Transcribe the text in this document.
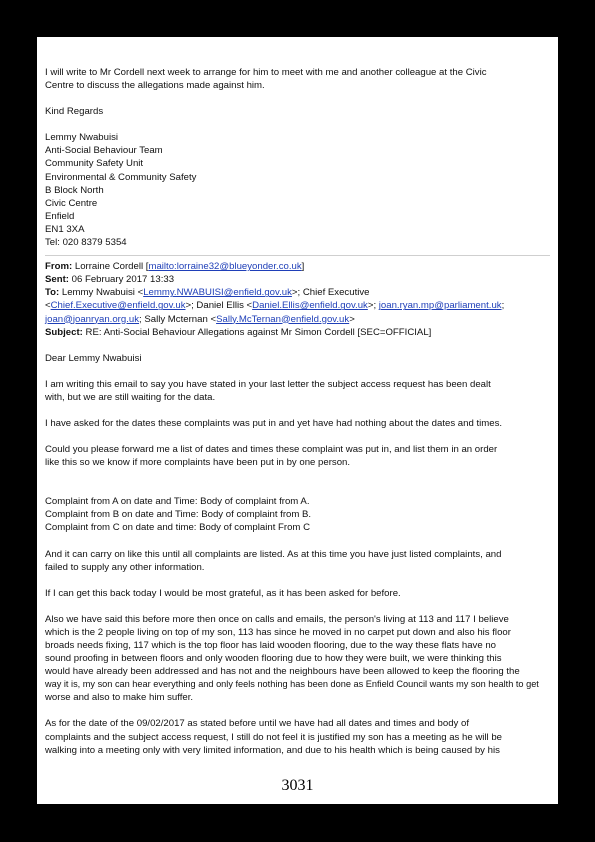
I will write to Mr Cordell next week to arrange for him to meet with me and another colleague at the Civic
Centre to discuss the allegations made against him.
Kind Regards
Lemmy Nwabuisi
Anti-Social Behaviour Team
Community Safety Unit
Environmental & Community Safety
B Block North
Civic Centre
Enfield
EN1 3XA
Tel: 020 8379 5354
From: Lorraine Cordell [mailto:lorraine32@blueyonder.co.uk]
Sent: 06 February 2017 13:33
To: Lemmy Nwabuisi <Lemmy.NWABUISI@enfield.gov.uk>; Chief Executive
<Chief.Executive@enfield.gov.uk>; Daniel Ellis <Daniel.Ellis@enfield.gov.uk>; joan.ryan.mp@parliament.uk;
joan@joanryan.org.uk; Sally Mcternan <Sally.McTernan@enfield.gov.uk>
Subject: RE: Anti-Social Behaviour Allegations against Mr Simon Cordell [SEC=OFFICIAL]
Dear Lemmy Nwabuisi
I am writing this email to say you have stated in your last letter the subject access request has been dealt
with, but we are still waiting for the data.
I have asked for the dates these complaints was put in and yet have had nothing about the dates and times.
Could you please forward me a list of dates and times these complaint was put in, and list them in an order
like this so we know if more complaints have been put in by one person.
Complaint from A on date and Time: Body of complaint from A.
Complaint from B on date and Time: Body of complaint from B.
Complaint from C on date and time: Body of complaint From C
And it can carry on like this until all complaints are listed. As at this time you have just listed complaints, and
failed to supply any other information.
If I can get this back today I would be most grateful, as it has been asked for before.
Also we have said this before more then once on calls and emails, the person's living at 113 and 117 I believe
which is the 2 people living on top of my son, 113 has since he moved in no carpet put down and also his floor
broads needs fixing, 117 which is the top floor has laid wooden flooring, due to the way these flats have no
sound proofing in between floors and only wooden flooring due to how they were built, we were thinking this
would have already been addressed and has not and the neighbours have been allowed to keep the flooring the
way it is, my son can hear everything and only feels nothing has been done as Enfield Council wants my son health to get
worse and also to make him suffer.
As for the date of the 09/02/2017 as stated before until we have had all dates and times and body of
complaints and the subject access request, I still do not feel it is justified my son has a meeting as he will be
walking into a meeting only with very limited information, and due to his health which is being caused by his
3031
